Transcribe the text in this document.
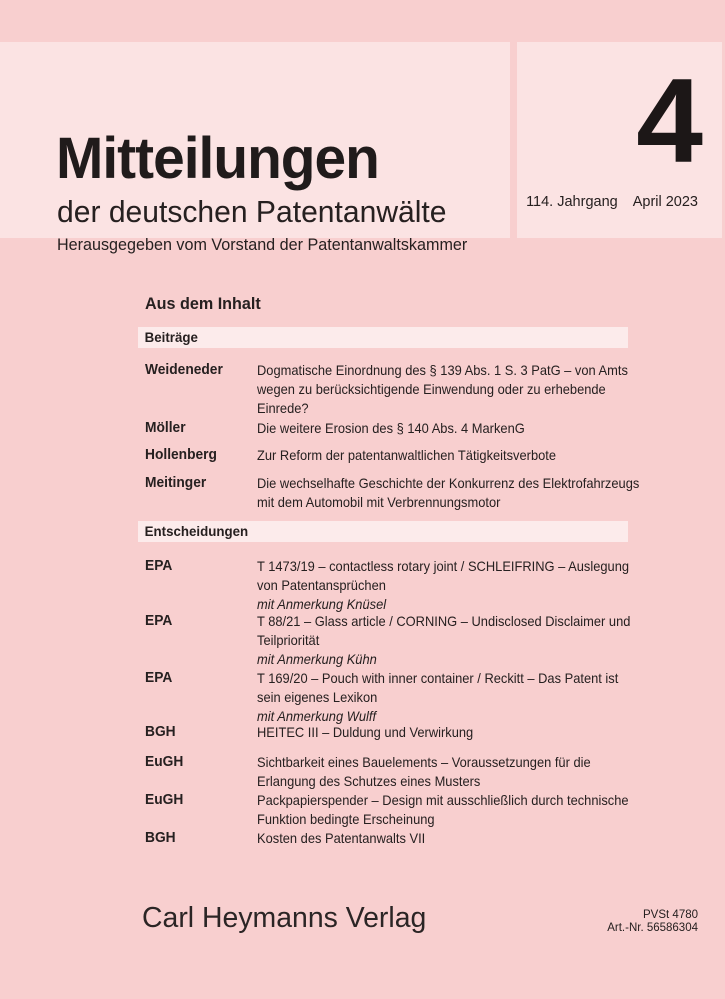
Mitteilungen
der deutschen Patentanwälte
Herausgegeben vom Vorstand der Patentanwaltskammer
4
114. Jahrgang April 2023
Aus dem Inhalt
Beiträge
Weideneder	Dogmatische Einordnung des § 139 Abs. 1 S. 3 PatG – von Amts
wegen zu berücksichtigende Einwendung oder zu erhebende
Einrede?
Möller	Die weitere Erosion des § 140 Abs. 4 MarkenG
Hollenberg	Zur Reform der patentanwaltlichen Tätigkeitsverbote
Meitinger	Die wechselhafte Geschichte der Konkurrenz des Elektrofahrzeugs
mit dem Automobil mit Verbrennungsmotor
Entscheidungen
EPA	T 1473/19 – contactless rotary joint / SCHLEIFRING – Auslegung
von Patentansprüchen
mit Anmerkung Knüsel
EPA	T 88/21 – Glass article / CORNING – Undisclosed Disclaimer und
Teilpriorität
mit Anmerkung Kühn
EPA	T 169/20 – Pouch with inner container / Reckitt – Das Patent ist
sein eigenes Lexikon
mit Anmerkung Wulff
BGH	HEITEC III – Duldung und Verwirkung
EuGH	Sichtbarkeit eines Bauelements – Voraussetzungen für die
Erlangung des Schutzes eines Musters
EuGH	Packpapierspender – Design mit ausschließlich durch technische
Funktion bedingte Erscheinung
BGH	Kosten des Patentanwalts VII
Carl Heymanns Verlag	PVSt 4780
Art.-Nr. 56586304
